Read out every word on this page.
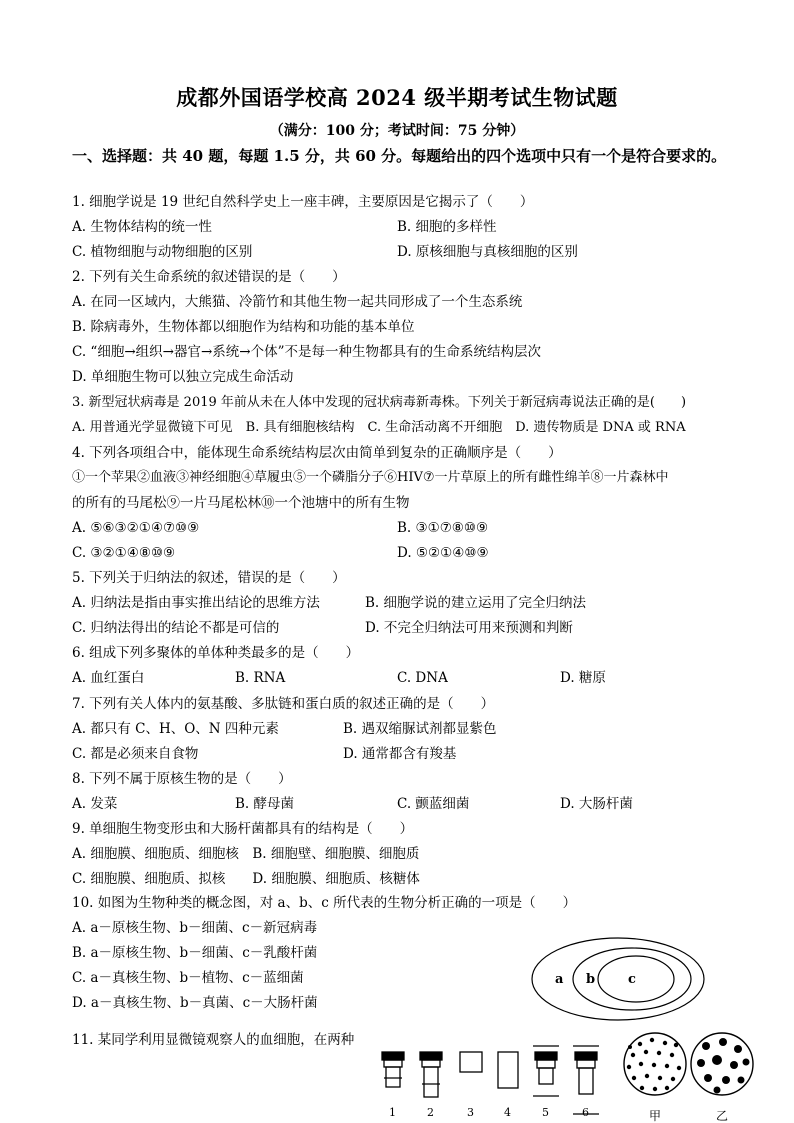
成都外国语学校高 2024 级半期考试生物试题
（满分：100 分；考试时间：75 分钟）
一、选择题：共 40 题，每题 1.5 分，共 60 分。每题给出的四个选项中只有一个是符合要求的。
1. 细胞学说是 19 世纪自然科学史上一座丰碑，主要原因是它揭示了（　　）
A. 生物体结构的统一性	B. 细胞的多样性
C. 植物细胞与动物细胞的区别	D. 原核细胞与真核细胞的区别
2. 下列有关生命系统的叙述错误的是（　　）
A. 在同一区域内，大熊猫、冷箭竹和其他生物一起共同形成了一个生态系统
B. 除病毒外，生物体都以细胞作为结构和功能的基本单位
C. “细胞→组织→器官→系统→个体”不是每一种生物都具有的生命系统结构层次
D. 单细胞生物可以独立完成生命活动
3. 新型冠状病毒是 2019 年前从未在人体中发现的冠状病毒新毒株。下列关于新冠病毒说法正确的是(　　)
A. 用普通光学显微镜下可见　B. 具有细胞核结构　C. 生命活动离不开细胞　D. 遗传物质是 DNA 或 RNA
4. 下列各项组合中，能体现生命系统结构层次由简单到复杂的正确顺序是（　　）
①一个苹果②血液③神经细胞④草履虫⑤一个磷脂分子⑥HIV⑦一片草原上的所有雌性绵羊⑧一片森林中
的所有的马尾松⑨一片马尾松林⑩一个池塘中的所有生物
A. ⑤⑥③②①④⑦⑩⑨	B. ③①⑦⑧⑩⑨
C. ③②①④⑧⑩⑨	D. ⑤②①④⑩⑨
5. 下列关于归纳法的叙述，错误的是（　　）
A. 归纳法是指由事实推出结论的思维方法	B. 细胞学说的建立运用了完全归纳法
C. 归纳法得出的结论不都是可信的	D. 不完全归纳法可用来预测和判断
6. 组成下列多聚体的单体种类最多的是（　　）
A. 血红蛋白	B. RNA	C. DNA	D. 糖原
7. 下列有关人体内的氨基酸、多肽链和蛋白质的叙述正确的是（　　）
A. 都只有 C、H、O、N 四种元素	B. 遇双缩脲试剂都显紫色
C. 都是必须来自食物	D. 通常都含有羧基
8. 下列不属于原核生物的是（　　）
A. 发菜	B. 酵母菌	C. 颤蓝细菌	D. 大肠杆菌
9. 单细胞生物变形虫和大肠杆菌都具有的结构是（　　）
A. 细胞膜、细胞质、细胞核　B. 细胞壁、细胞膜、细胞质
C. 细胞膜、细胞质、拟核　　D. 细胞膜、细胞质、核糖体
10. 如图为生物种类的概念图，对 a、b、c 所代表的生物分析正确的一项是（　　）
A. a－原核生物、b－细菌、c－新冠病毒
B. a－原核生物、b－细菌、c－乳酸杆菌
C. a－真核生物、b－植物、c－蓝细菌
D. a－真核生物、b－真菌、c－大肠杆菌
a b	c
11. 某同学利用显微镜观察人的血细胞，在两种
1	2	3	4	5	6	甲	乙
